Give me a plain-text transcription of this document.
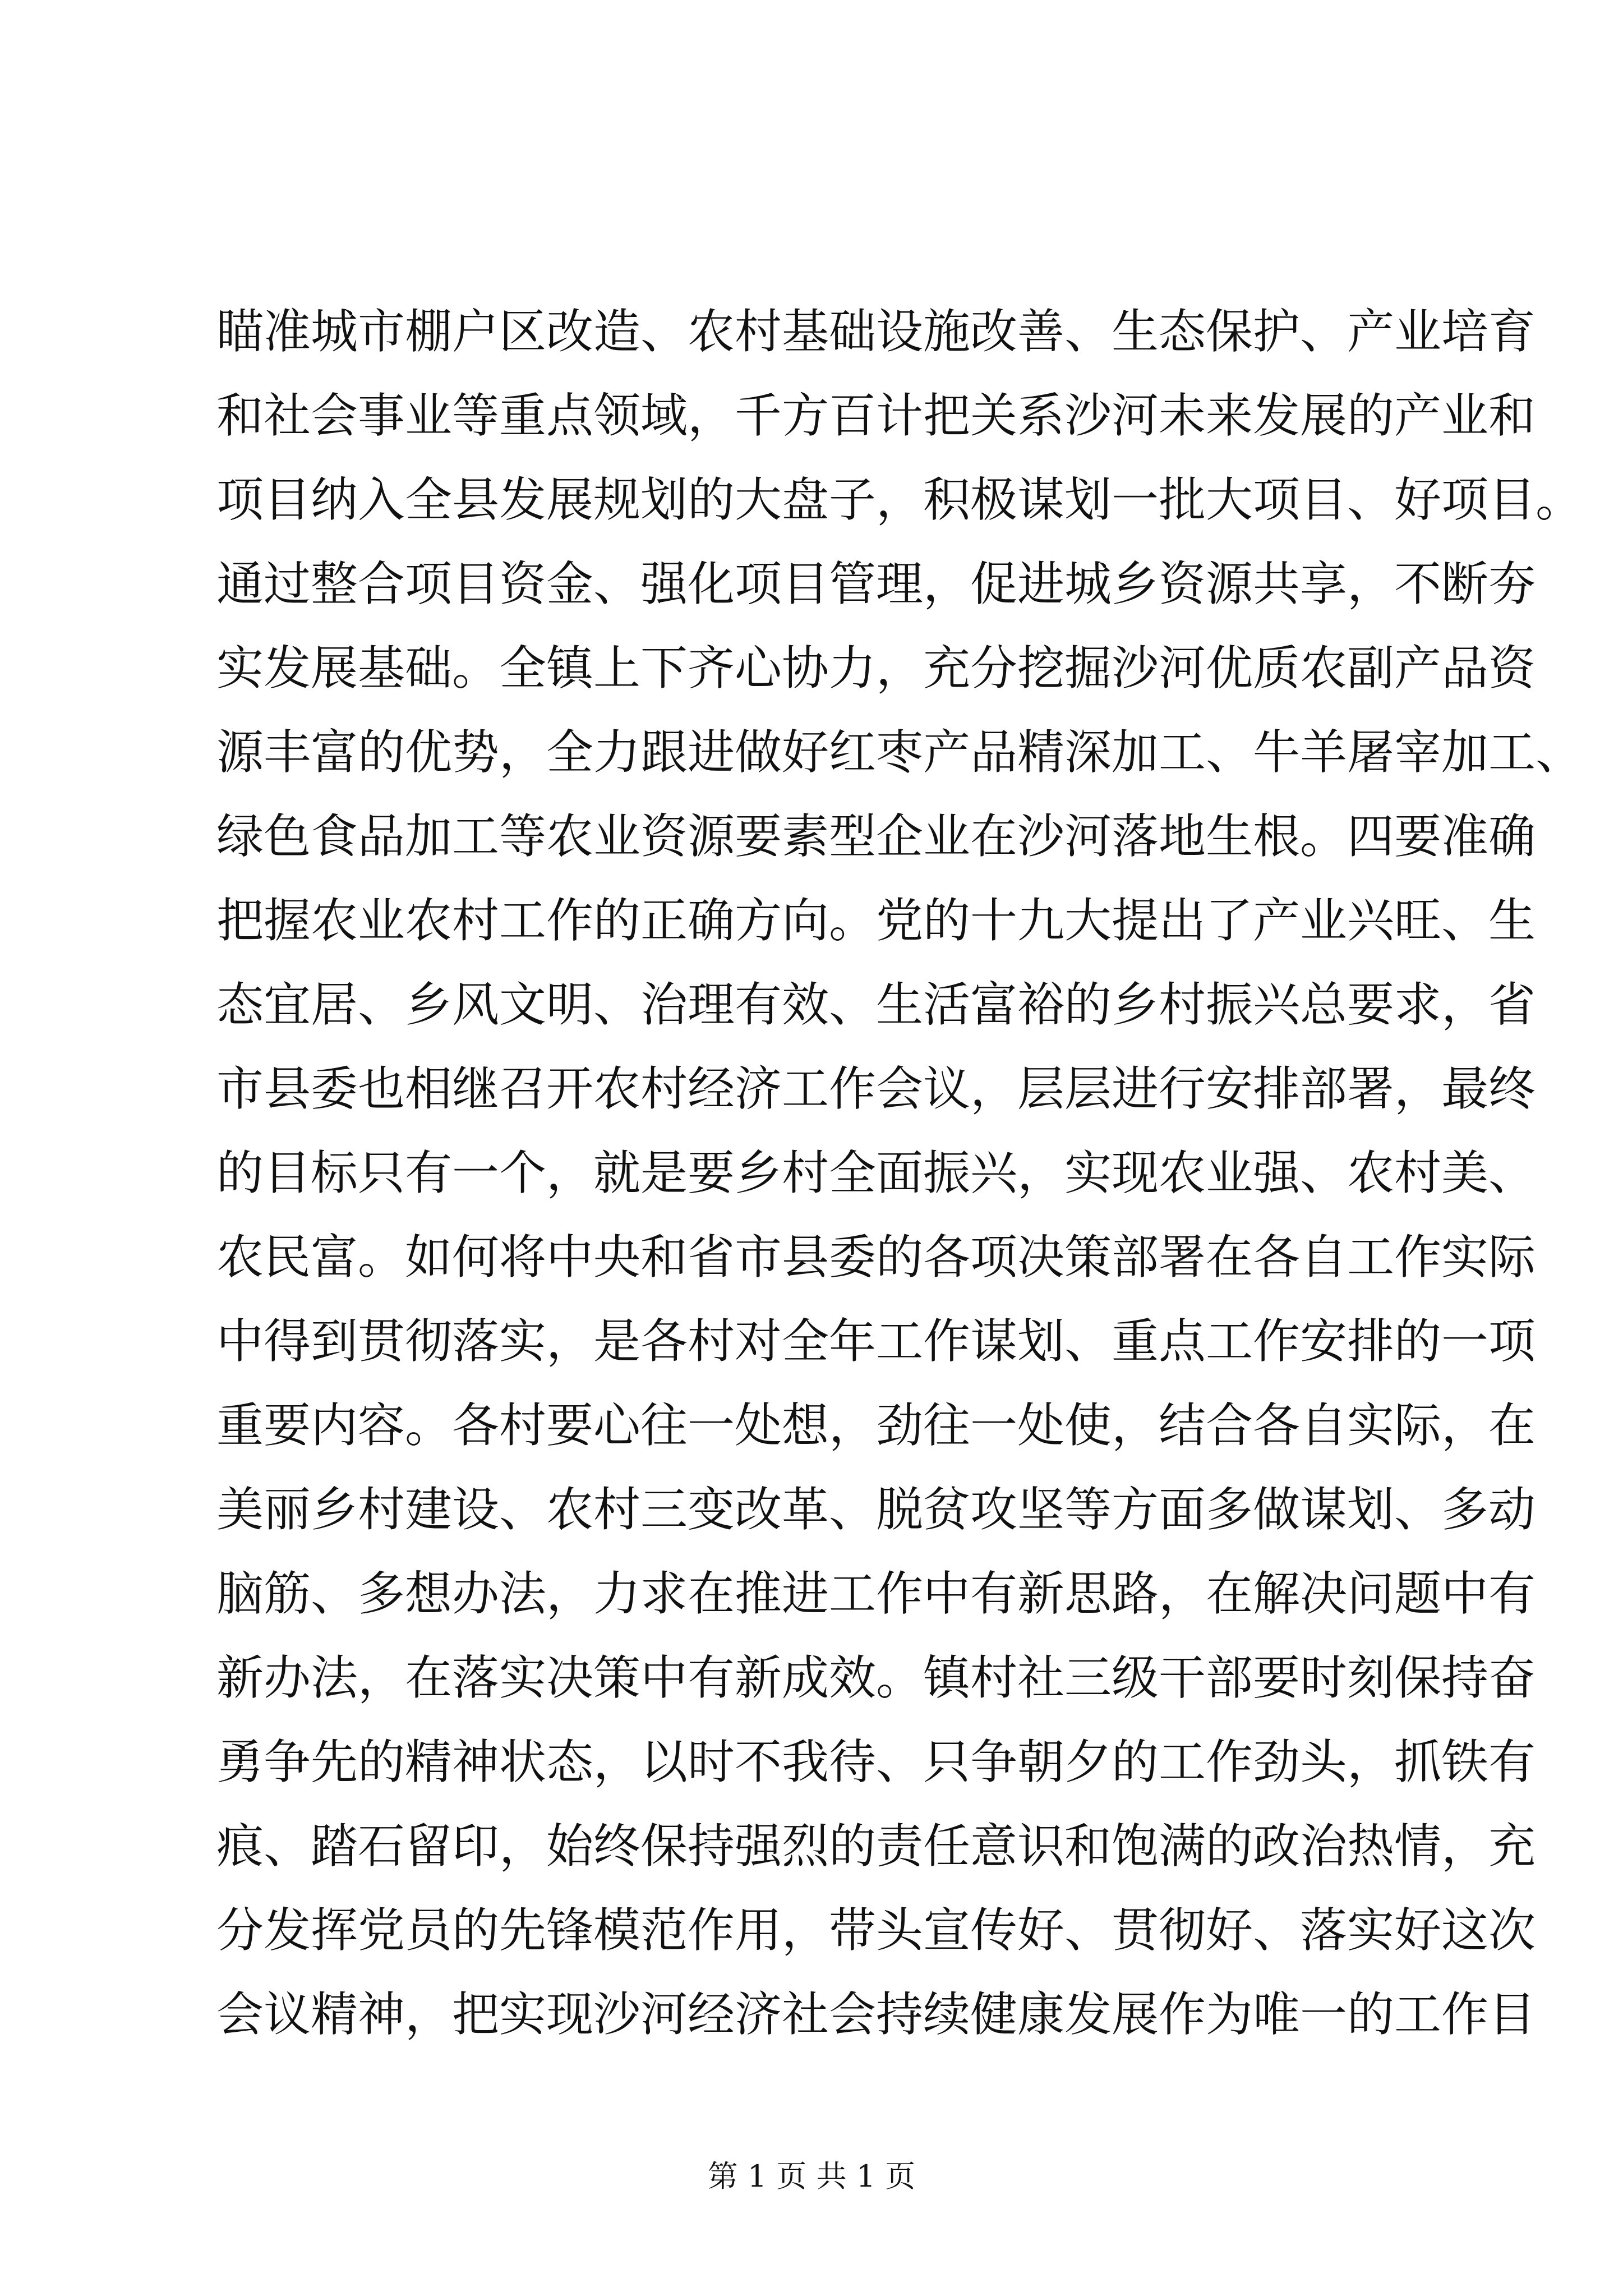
瞄准城市棚户区改造、农村基础设施改善、生态保护、产业培育
和社会事业等重点领域，千方百计把关系沙河未来发展的产业和
项目纳入全县发展规划的大盘子，积极谋划一批大项目、好项目。
通过整合项目资金、强化项目管理，促进城乡资源共享，不断夯
实发展基础。全镇上下齐心协力，充分挖掘沙河优质农副产品资
源丰富的优势，全力跟进做好红枣产品精深加工、牛羊屠宰加工、
绿色食品加工等农业资源要素型企业在沙河落地生根。四要准确
把握农业农村工作的正确方向。党的十九大提出了产业兴旺、生
态宜居、乡风文明、治理有效、生活富裕的乡村振兴总要求，省
市县委也相继召开农村经济工作会议，层层进行安排部署，最终
的目标只有一个，就是要乡村全面振兴，实现农业强、农村美、
农民富。如何将中央和省市县委的各项决策部署在各自工作实际
中得到贯彻落实，是各村对全年工作谋划、重点工作安排的一项
重要内容。各村要心往一处想，劲往一处使，结合各自实际，在
美丽乡村建设、农村三变改革、脱贫攻坚等方面多做谋划、多动
脑筋、多想办法，力求在推进工作中有新思路，在解决问题中有
新办法，在落实决策中有新成效。镇村社三级干部要时刻保持奋
勇争先的精神状态，以时不我待、只争朝夕的工作劲头，抓铁有
痕、踏石留印，始终保持强烈的责任意识和饱满的政治热情，充
分发挥党员的先锋模范作用，带头宣传好、贯彻好、落实好这次
会议精神，把实现沙河经济社会持续健康发展作为唯一的工作目
第 1 页 共 1 页
